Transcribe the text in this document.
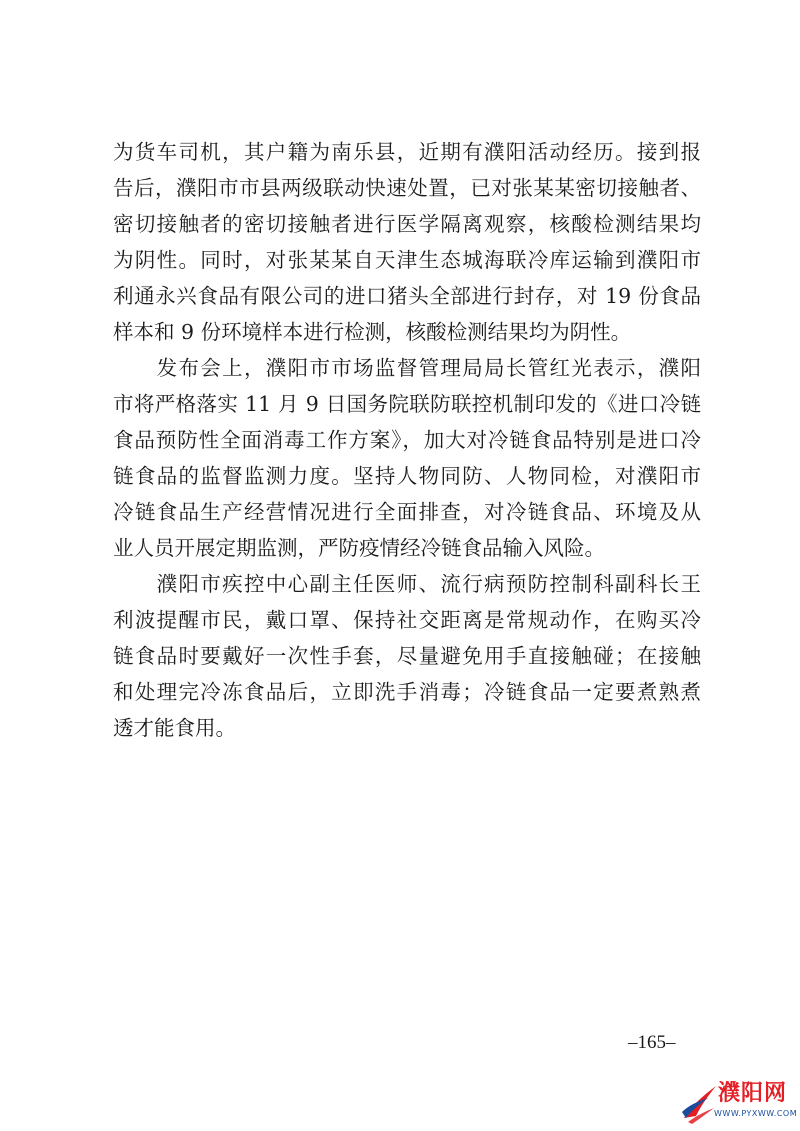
为货车司机，其户籍为南乐县，近期有濮阳活动经历。接到报
告后，濮阳市市县两级联动快速处置，已对张某某密切接触者、
密切接触者的密切接触者进行医学隔离观察，核酸检测结果均
为阴性。同时，对张某某自天津生态城海联冷库运输到濮阳市
利通永兴食品有限公司的进口猪头全部进行封存，对 19 份食品
样本和 9 份环境样本进行检测，核酸检测结果均为阴性。
　　发布会上，濮阳市市场监督管理局局长管红光表示，濮阳
市将严格落实 11 月 9 日国务院联防联控机制印发的《进口冷链
食品预防性全面消毒工作方案》，加大对冷链食品特别是进口冷
链食品的监督监测力度。坚持人物同防、人物同检，对濮阳市
冷链食品生产经营情况进行全面排查，对冷链食品、环境及从
业人员开展定期监测，严防疫情经冷链食品输入风险。
　　濮阳市疾控中心副主任医师、流行病预防控制科副科长王
利波提醒市民，戴口罩、保持社交距离是常规动作，在购买冷
链食品时要戴好一次性手套，尽量避免用手直接触碰；在接触
和处理完冷冻食品后，立即洗手消毒；冷链食品一定要煮熟煮
透才能食用。
–165–
濮阳网
WWW.PYXWW.COM
